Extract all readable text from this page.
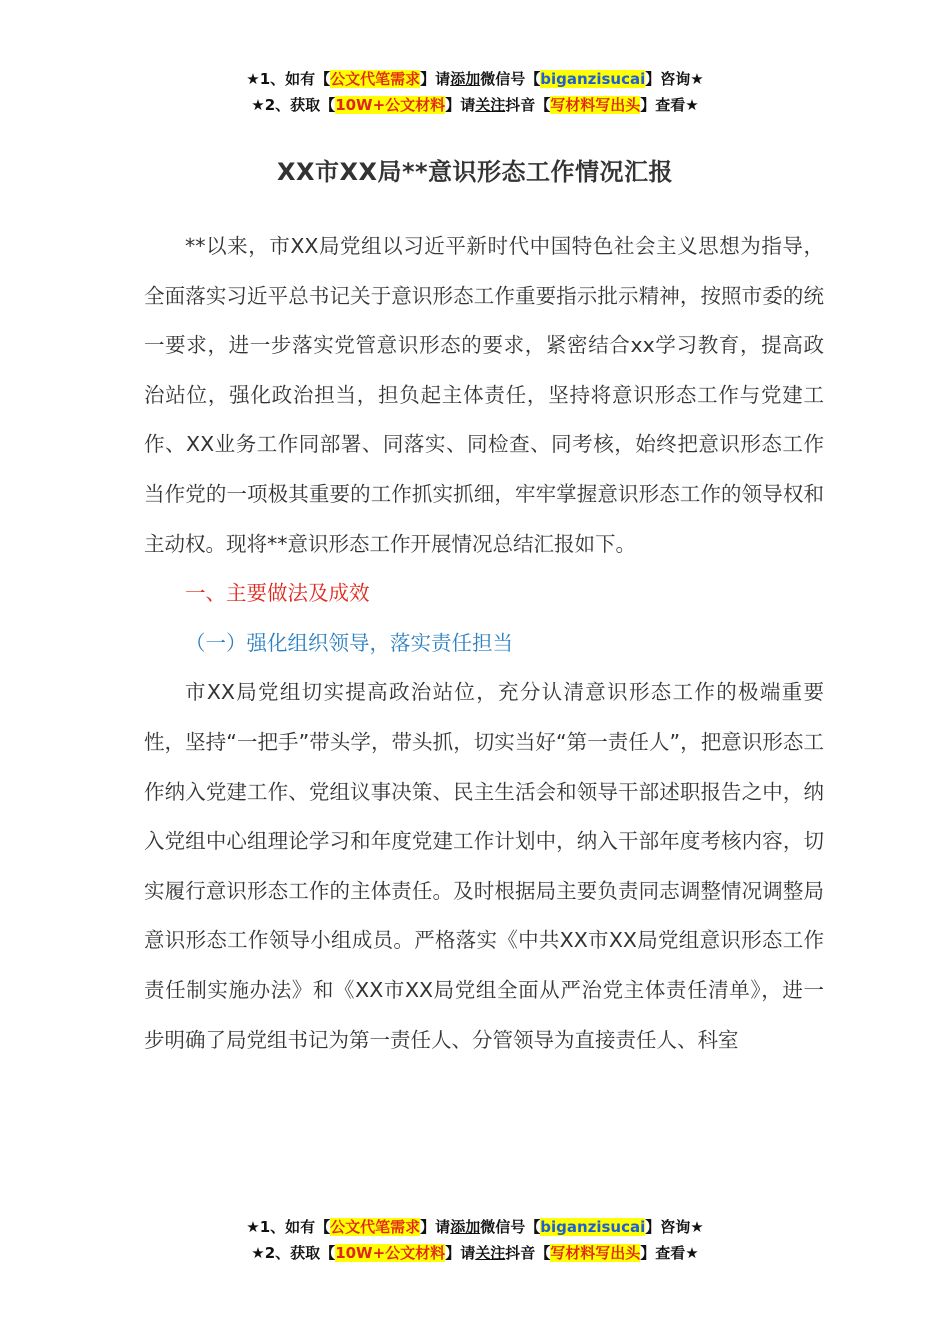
★1、如有【公文代笔需求】请添加微信号【biganzisucai】咨询★
★2、获取【10W+公文材料】请关注抖音【写材料写出头】查看★
XX市XX局**意识形态工作情况汇报

**以来，市XX局党组以习近平新时代中国特色社会主义思想为指导，全面落实习近平总书记关于意识形态工作重要指示批示精神，按照市委的统一要求，进一步落实党管意识形态的要求，紧密结合xx学习教育，提高政治站位，强化政治担当，担负起主体责任，坚持将意识形态工作与党建工作、XX业务工作同部署、同落实、同检查、同考核，始终把意识形态工作当作党的一项极其重要的工作抓实抓细，牢牢掌握意识形态工作的领导权和主动权。现将**意识形态工作开展情况总结汇报如下。

一、主要做法及成效

（一）强化组织领导，落实责任担当

市XX局党组切实提高政治站位，充分认清意识形态工作的极端重要性，坚持“一把手”带头学，带头抓，切实当好“第一责任人”，把意识形态工作纳入党建工作、党组议事决策、民主生活会和领导干部述职报告之中，纳入党组中心组理论学习和年度党建工作计划中，纳入干部年度考核内容，切实履行意识形态工作的主体责任。及时根据局主要负责同志调整情况调整局意识形态工作领导小组成员。严格落实《中共XX市XX局党组意识形态工作责任制实施办法》和《XX市XX局党组全面从严治党主体责任清单》，进一步明确了局党组书记为第一责任人、分管领导为直接责任人、科室

★1、如有【公文代笔需求】请添加微信号【biganzisucai】咨询★
★2、获取【10W+公文材料】请关注抖音【写材料写出头】查看★
